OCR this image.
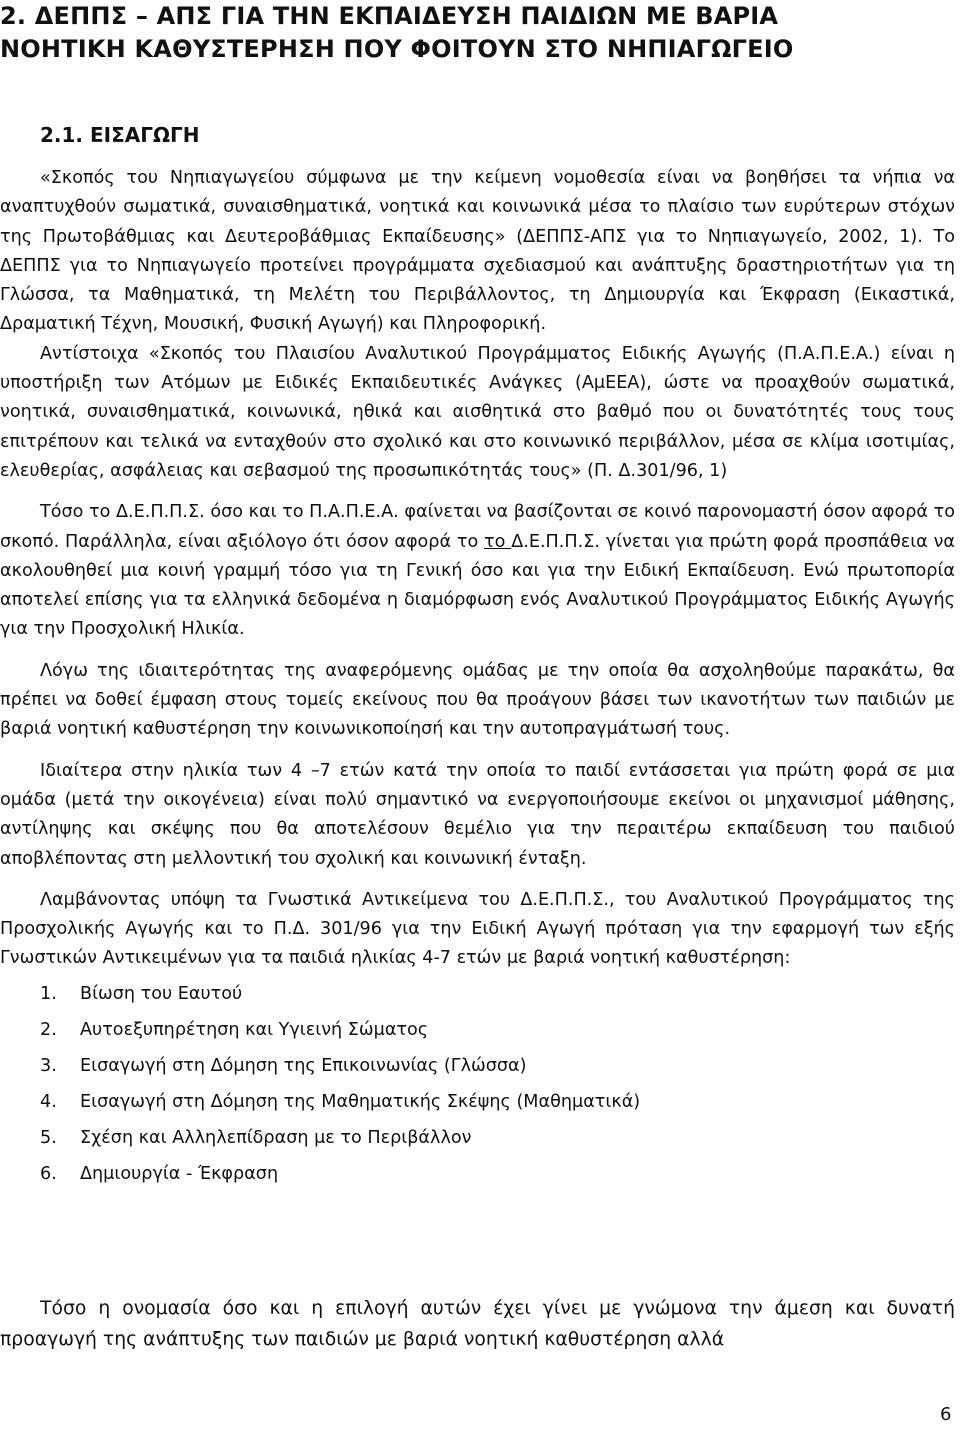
2. ΔΕΠΠΣ – ΑΠΣ ΓΙΑ ΤΗΝ ΕΚΠΑΙΔΕΥΣΗ ΠΑΙΔΙΩΝ ΜΕ ΒΑΡΙΑ
ΝΟΗΤΙΚΗ ΚΑΘΥΣΤΕΡΗΣΗ ΠΟΥ ΦΟΙΤΟΥΝ ΣΤΟ ΝΗΠΙΑΓΩΓΕΙΟ
2.1. ΕΙΣΑΓΩΓΗ

«Σκοπός του Νηπιαγωγείου σύμφωνα με την κείμενη νομοθεσία είναι να βοηθήσει τα νήπια να αναπτυχθούν σωματικά, συναισθηματικά, νοητικά και κοινωνικά μέσα το πλαίσιο των ευρύτερων στόχων της Πρωτοβάθμιας και Δευτεροβάθμιας Εκπαίδευσης» (ΔΕΠΠΣ-ΑΠΣ για το Νηπιαγωγείο, 2002, 1). Το ΔΕΠΠΣ για το Νηπιαγωγείο προτείνει προγράμματα σχεδιασμού και ανάπτυξης δραστηριοτήτων για τη Γλώσσα, τα Μαθηματικά, τη Μελέτη του Περιβάλλοντος, τη Δημιουργία και Έκφραση (Εικαστικά, Δραματική Τέχνη, Μουσική, Φυσική Αγωγή) και Πληροφορική.

Αντίστοιχα «Σκοπός του Πλαισίου Αναλυτικού Προγράμματος Ειδικής Αγωγής (Π.Α.Π.Ε.Α.) είναι η υποστήριξη των Ατόμων με Ειδικές Εκπαιδευτικές Ανάγκες (ΑμΕΕΑ), ώστε να προαχθούν σωματικά, νοητικά, συναισθηματικά, κοινωνικά, ηθικά και αισθητικά στο βαθμό που οι δυνατότητές τους τους επιτρέπουν και τελικά να ενταχθούν στο σχολικό και στο κοινωνικό περιβάλλον, μέσα σε κλίμα ισοτιμίας, ελευθερίας, ασφάλειας και σεβασμού της προσωπικότητάς τους» (Π. Δ.301/96, 1)

Τόσο το Δ.Ε.Π.Π.Σ. όσο και το Π.Α.Π.Ε.Α. φαίνεται να βασίζονται σε κοινό παρονομαστή όσον αφορά το σκοπό. Παράλληλα, είναι αξιόλογο ότι όσον αφορά το το Δ.Ε.Π.Π.Σ. γίνεται για πρώτη φορά προσπάθεια να ακολουθηθεί μια κοινή γραμμή τόσο για τη Γενική όσο και για την Ειδική Εκπαίδευση. Ενώ πρωτοπορία αποτελεί επίσης για τα ελληνικά δεδομένα η διαμόρφωση ενός Αναλυτικού Προγράμματος Ειδικής Αγωγής για την Προσχολική Ηλικία.

Λόγω της ιδιαιτερότητας της αναφερόμενης ομάδας με την οποία θα ασχοληθούμε παρακάτω, θα πρέπει να δοθεί έμφαση στους τομείς εκείνους που θα προάγουν βάσει των ικανοτήτων των παιδιών με βαριά νοητική καθυστέρηση την κοινωνικοποίησή και την αυτοπραγμάτωσή τους.

Ιδιαίτερα στην ηλικία των 4 –7 ετών κατά την οποία το παιδί εντάσσεται για πρώτη φορά σε μια ομάδα (μετά την οικογένεια) είναι πολύ σημαντικό να ενεργοποιήσουμε εκείνοι οι μηχανισμοί μάθησης, αντίληψης και σκέψης που θα αποτελέσουν θεμέλιο για την περαιτέρω εκπαίδευση του παιδιού αποβλέποντας στη μελλοντική του σχολική και κοινωνική ένταξη.

Λαμβάνοντας υπόψη τα Γνωστικά Αντικείμενα του Δ.Ε.Π.Π.Σ., του Αναλυτικού Προγράμματος της Προσχολικής Αγωγής και το Π.Δ. 301/96 για την Ειδική Αγωγή πρόταση για την εφαρμογή των εξής Γνωστικών Αντικειμένων για τα παιδιά ηλικίας 4-7 ετών με βαριά νοητική καθυστέρηση:

1. Βίωση του Εαυτού
2. Αυτοεξυπηρέτηση και Υγιεινή Σώματος
3. Εισαγωγή στη Δόμηση της Επικοινωνίας (Γλώσσα)
4. Εισαγωγή στη Δόμηση της Μαθηματικής Σκέψης (Μαθηματικά)
5. Σχέση και Αλληλεπίδραση με το Περιβάλλον
6. Δημιουργία - Έκφραση

Τόσο η ονομασία όσο και η επιλογή αυτών έχει γίνει με γνώμονα την άμεση και δυνατή προαγωγή της ανάπτυξης των παιδιών με βαριά νοητική καθυστέρηση αλλά

6
